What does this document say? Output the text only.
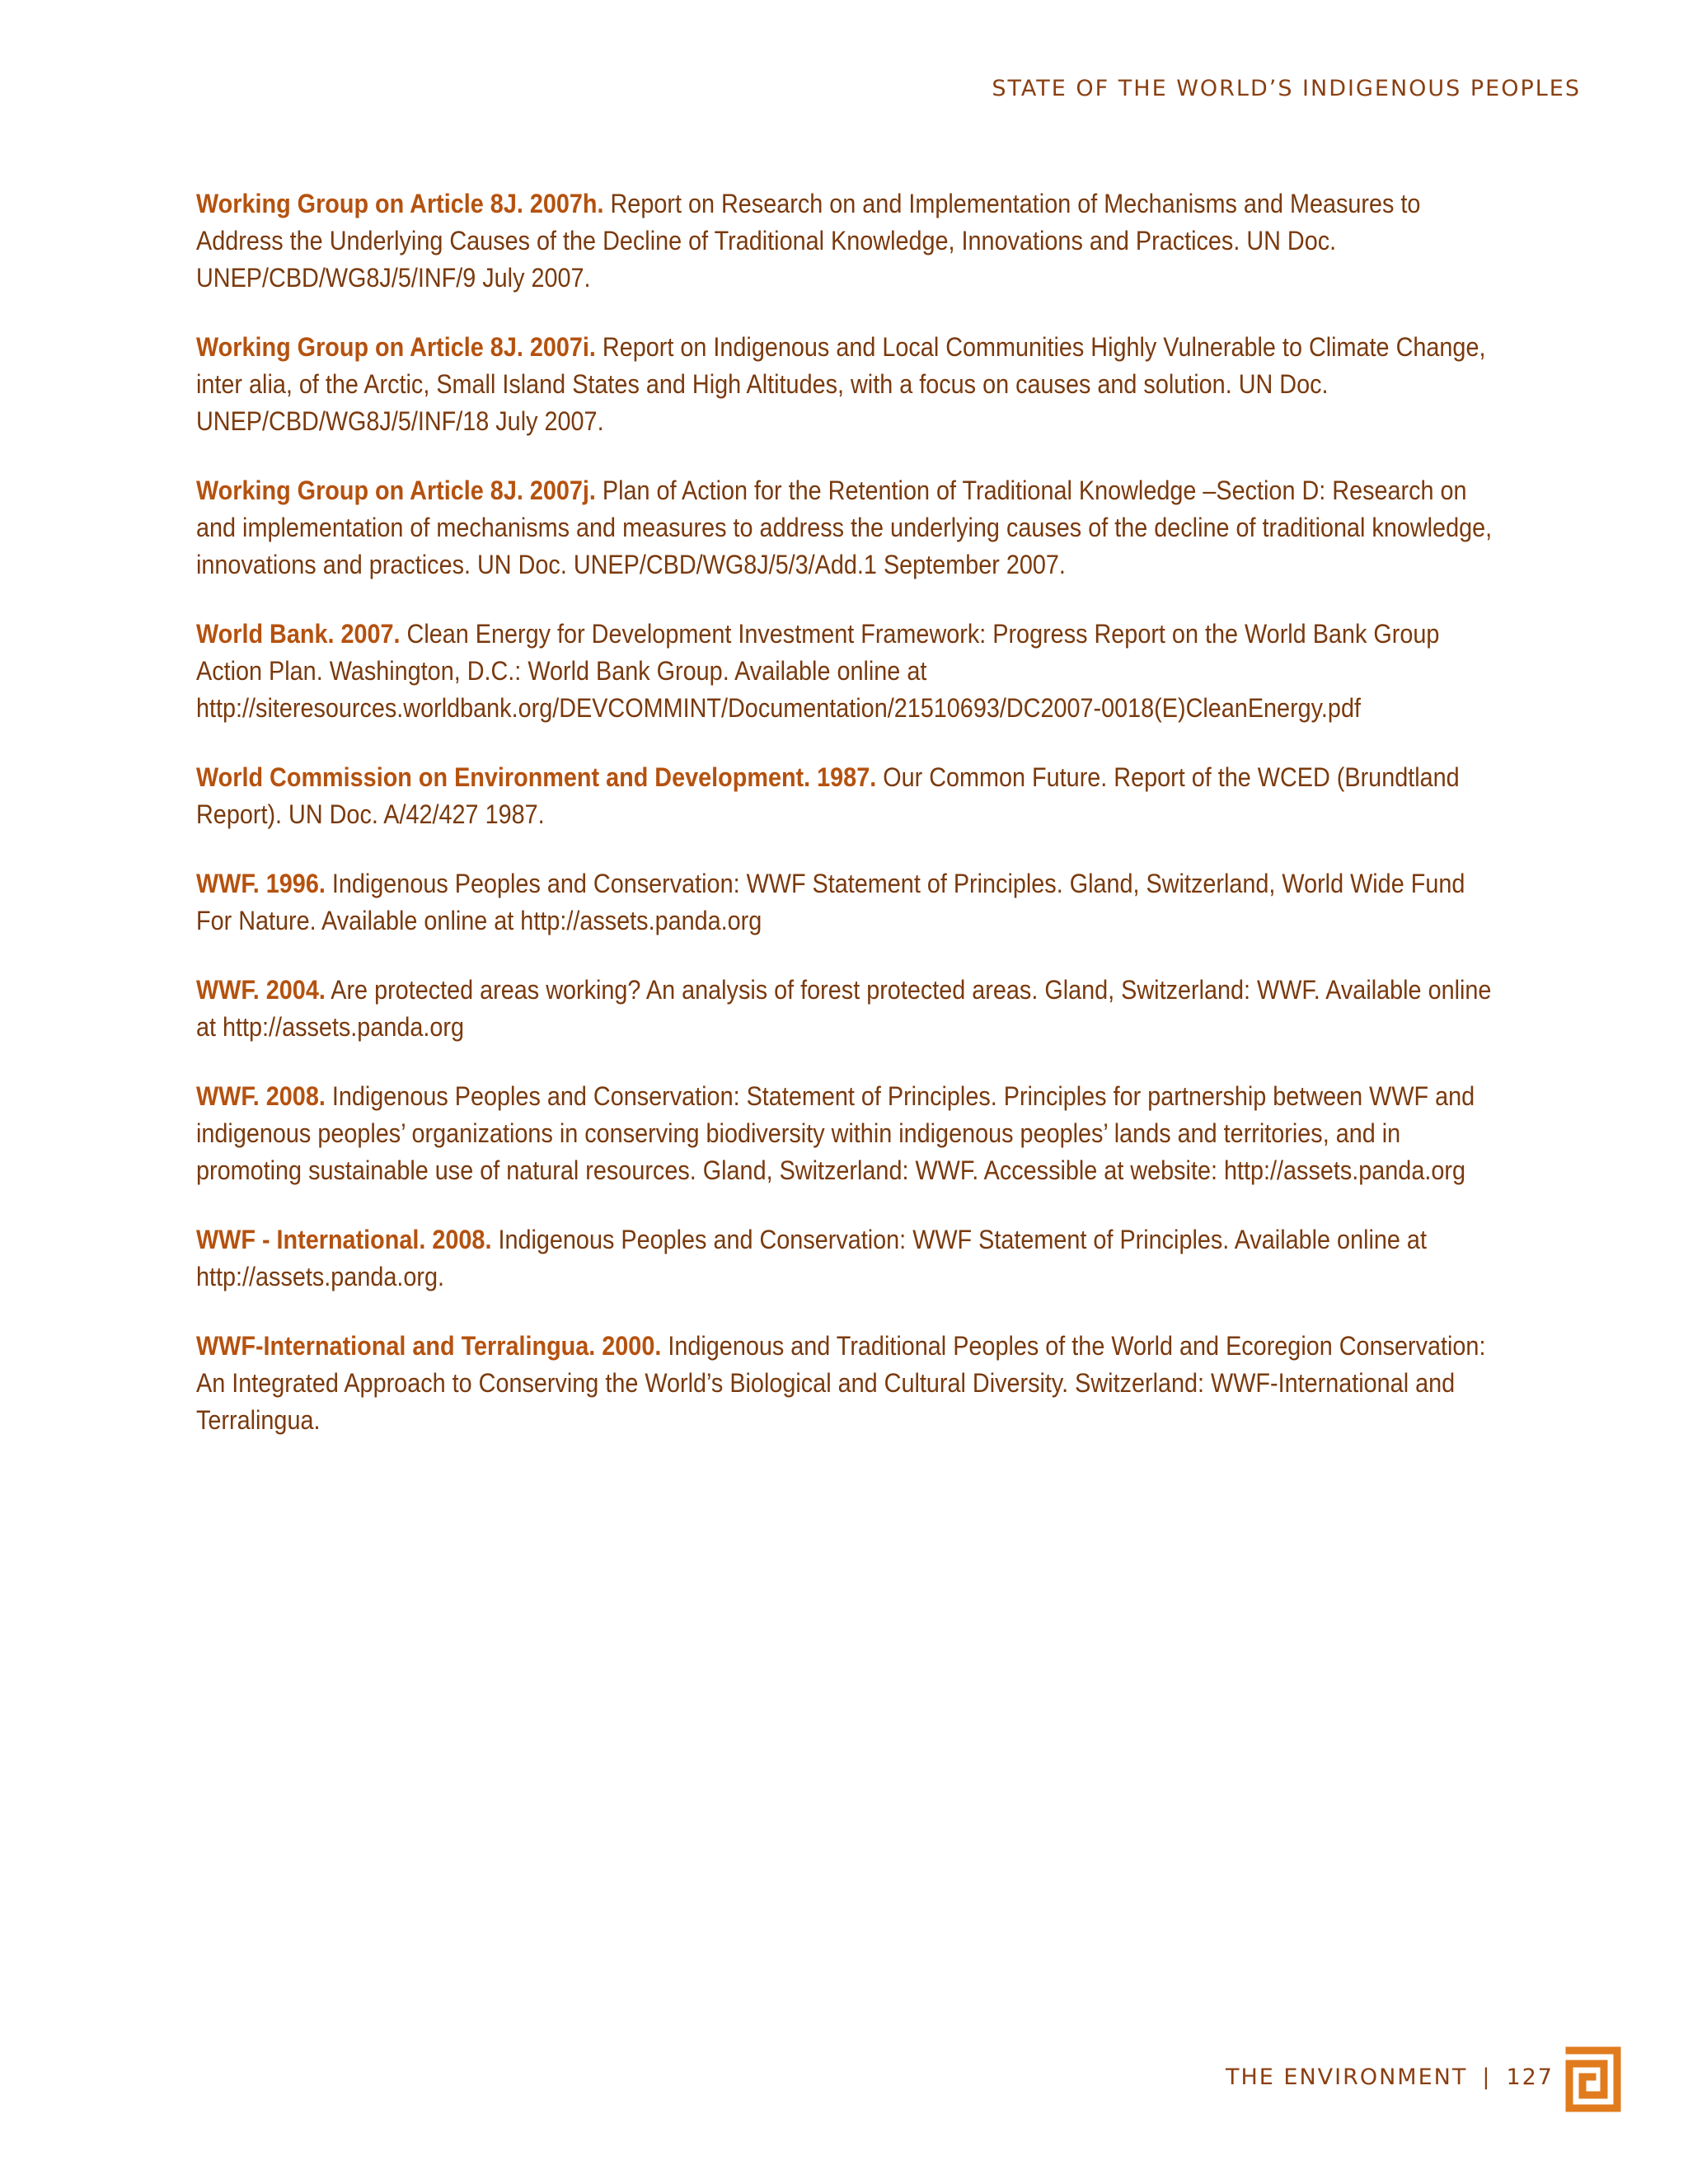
STATE OF THE WORLD’S INDIGENOUS PEOPLES

Working Group on Article 8J. 2007h. Report on Research on and Implementation of Mechanisms and Measures to Address the Underlying Causes of the Decline of Traditional Knowledge, Innovations and Practices. UN Doc. UNEP/CBD/WG8J/5/INF/9 July 2007.

Working Group on Article 8J. 2007i. Report on Indigenous and Local Communities Highly Vulnerable to Climate Change, inter alia, of the Arctic, Small Island States and High Altitudes, with a focus on causes and solution. UN Doc. UNEP/CBD/WG8J/5/INF/18 July 2007.

Working Group on Article 8J. 2007j. Plan of Action for the Retention of Traditional Knowledge –Section D: Research on and implementation of mechanisms and measures to address the underlying causes of the decline of traditional knowledge, innovations and practices. UN Doc. UNEP/CBD/WG8J/5/3/Add.1 September 2007.

World Bank. 2007. Clean Energy for Development Investment Framework: Progress Report on the World Bank Group Action Plan. Washington, D.C.: World Bank Group. Available online at http://siteresources.worldbank.org/DEVCOMMINT/Documentation/21510693/DC2007-0018(E)CleanEnergy.pdf

World Commission on Environment and Development. 1987. Our Common Future. Report of the WCED (Brundtland Report). UN Doc. A/42/427 1987.

WWF. 1996. Indigenous Peoples and Conservation: WWF Statement of Principles. Gland, Switzerland, World Wide Fund For Nature. Available online at http://assets.panda.org

WWF. 2004. Are protected areas working? An analysis of forest protected areas. Gland, Switzerland: WWF. Available online at http://assets.panda.org

WWF. 2008. Indigenous Peoples and Conservation: Statement of Principles. Principles for partnership between WWF and indigenous peoples’ organizations in conserving biodiversity within indigenous peoples’ lands and territories, and in promoting sustainable use of natural resources. Gland, Switzerland: WWF. Accessible at website: http://assets.panda.org

WWF - International. 2008. Indigenous Peoples and Conservation: WWF Statement of Principles. Available online at http://assets.panda.org.

WWF-International and Terralingua. 2000. Indigenous and Traditional Peoples of the World and Ecoregion Conservation: An Integrated Approach to Conserving the World’s Biological and Cultural Diversity. Switzerland: WWF-International and Terralingua.

THE ENVIRONMENT | 127
